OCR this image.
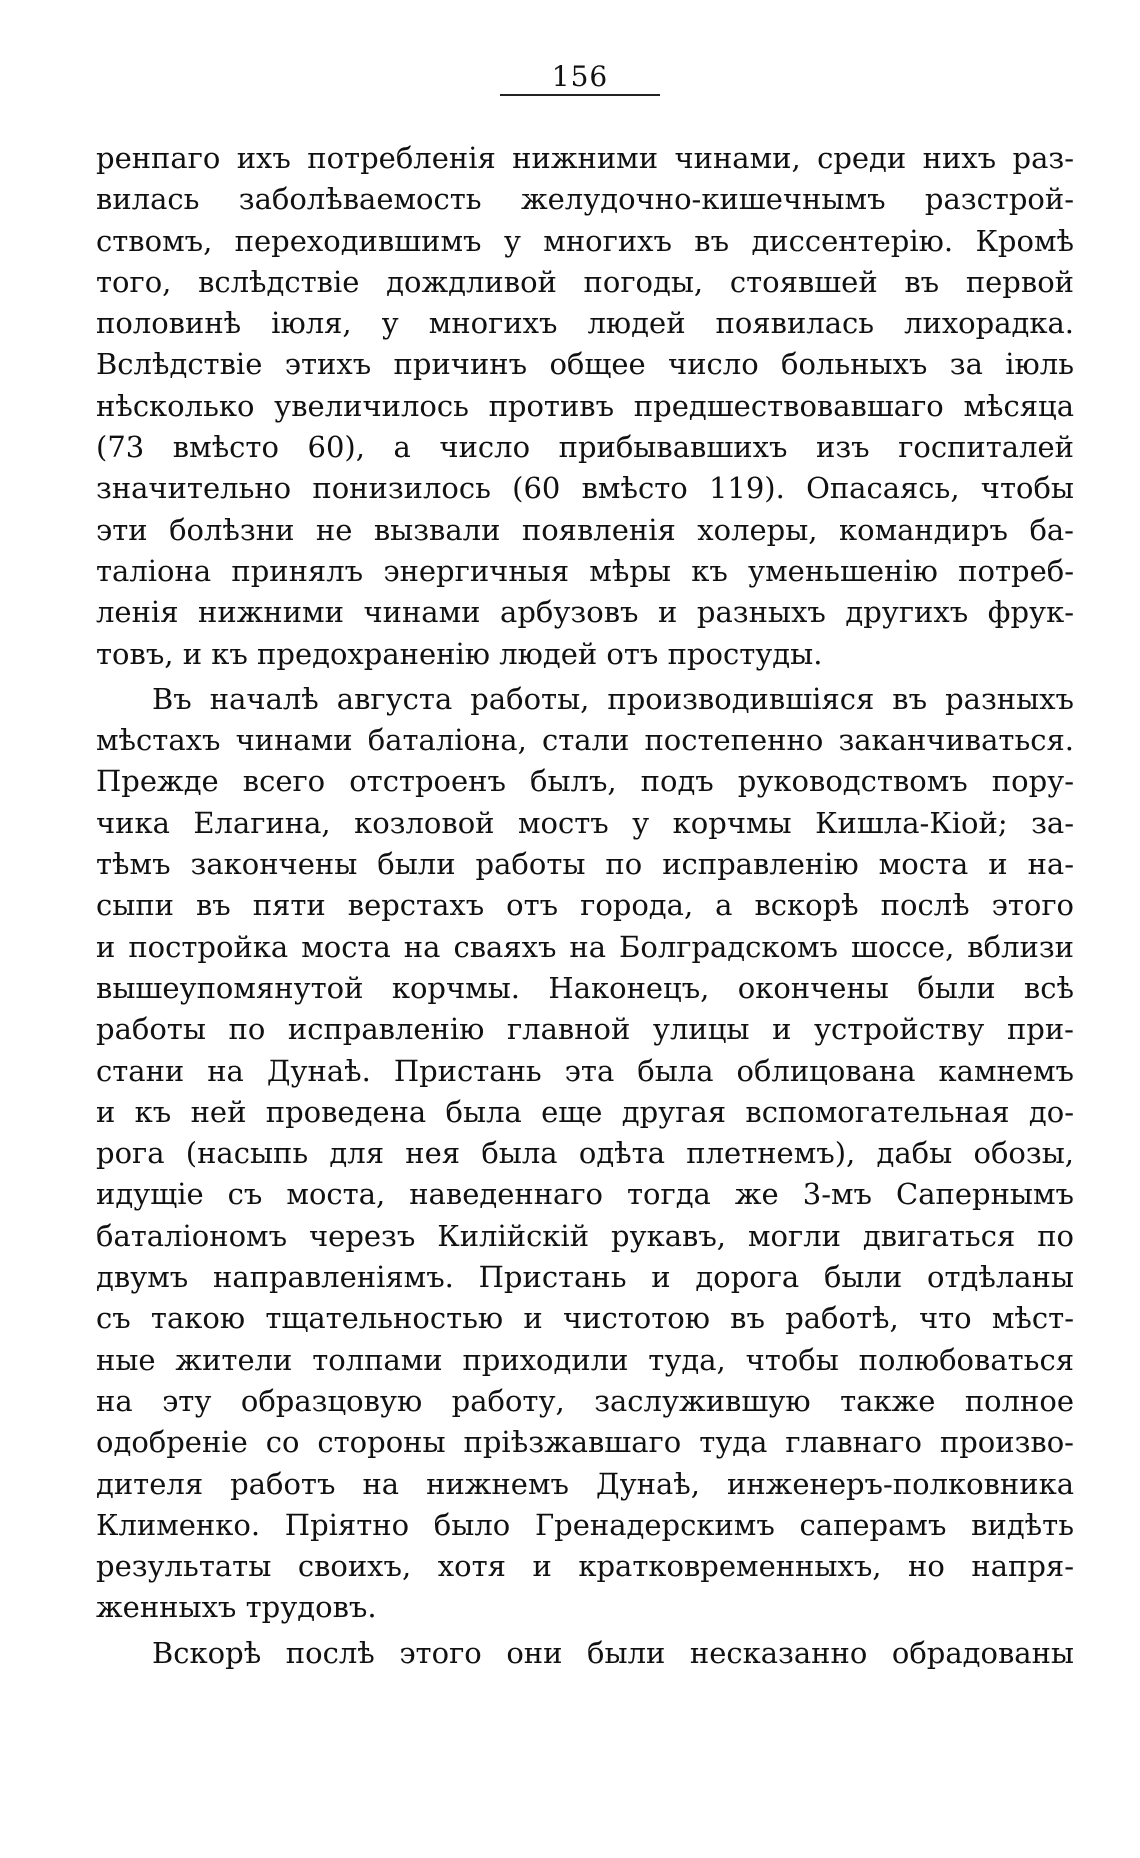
156
ренпаго ихъ потребленія нижними чинами, среди нихъ раз-
вилась заболѣваемость желудочно-кишечнымъ разстрой-
ствомъ, переходившимъ у многихъ въ диссентерію. Кромѣ
того, вслѣдствіе дождливой погоды, стоявшей въ первой
половинѣ іюля, у многихъ людей появилась лихорадка.
Вслѣдствіе этихъ причинъ общее число больныхъ за іюль
нѣсколько увеличилось противъ предшествовавшаго мѣсяца
(73 вмѣсто 60), а число прибывавшихъ изъ госпиталей
значительно понизилось (60 вмѣсто 119). Опасаясь, чтобы
эти болѣзни не вызвали появленія холеры, командиръ ба-
таліона принялъ энергичныя мѣры къ уменьшенію потреб-
ленія нижними чинами арбузовъ и разныхъ другихъ фрук-
товъ, и къ предохраненію людей отъ простуды.
Въ началѣ августа работы, производившіяся въ разныхъ
мѣстахъ чинами баталіона, стали постепенно заканчиваться.
Прежде всего отстроенъ былъ, подъ руководствомъ пору-
чика Елагина, козловой мостъ у корчмы Кишла-Кіой; за-
тѣмъ закончены были работы по исправленію моста и на-
сыпи въ пяти верстахъ отъ города, а вскорѣ послѣ этого
и постройка моста на сваяхъ на Болградскомъ шоссе, вблизи
вышеупомянутой корчмы. Наконецъ, окончены были всѣ
работы по исправленію главной улицы и устройству при-
стани на Дунаѣ. Пристань эта была облицована камнемъ
и къ ней проведена была еще другая вспомогательная до-
рога (насыпь для нея была одѣта плетнемъ), дабы обозы,
идущіе съ моста, наведеннаго тогда же 3-мъ Сапернымъ
баталіономъ черезъ Килійскій рукавъ, могли двигаться по
двумъ направленіямъ. Пристань и дорога были отдѣланы
съ такою тщательностью и чистотою въ работѣ, что мѣст-
ные жители толпами приходили туда, чтобы полюбоваться
на эту образцовую работу, заслужившую также полное
одобреніе со стороны пріѣзжавшаго туда главнаго произво-
дителя работъ на нижнемъ Дунаѣ, инженеръ-полковника
Клименко. Пріятно было Гренадерскимъ саперамъ видѣть
результаты своихъ, хотя и кратковременныхъ, но напря-
женныхъ трудовъ.
Вскорѣ послѣ этого они были несказанно обрадованы
